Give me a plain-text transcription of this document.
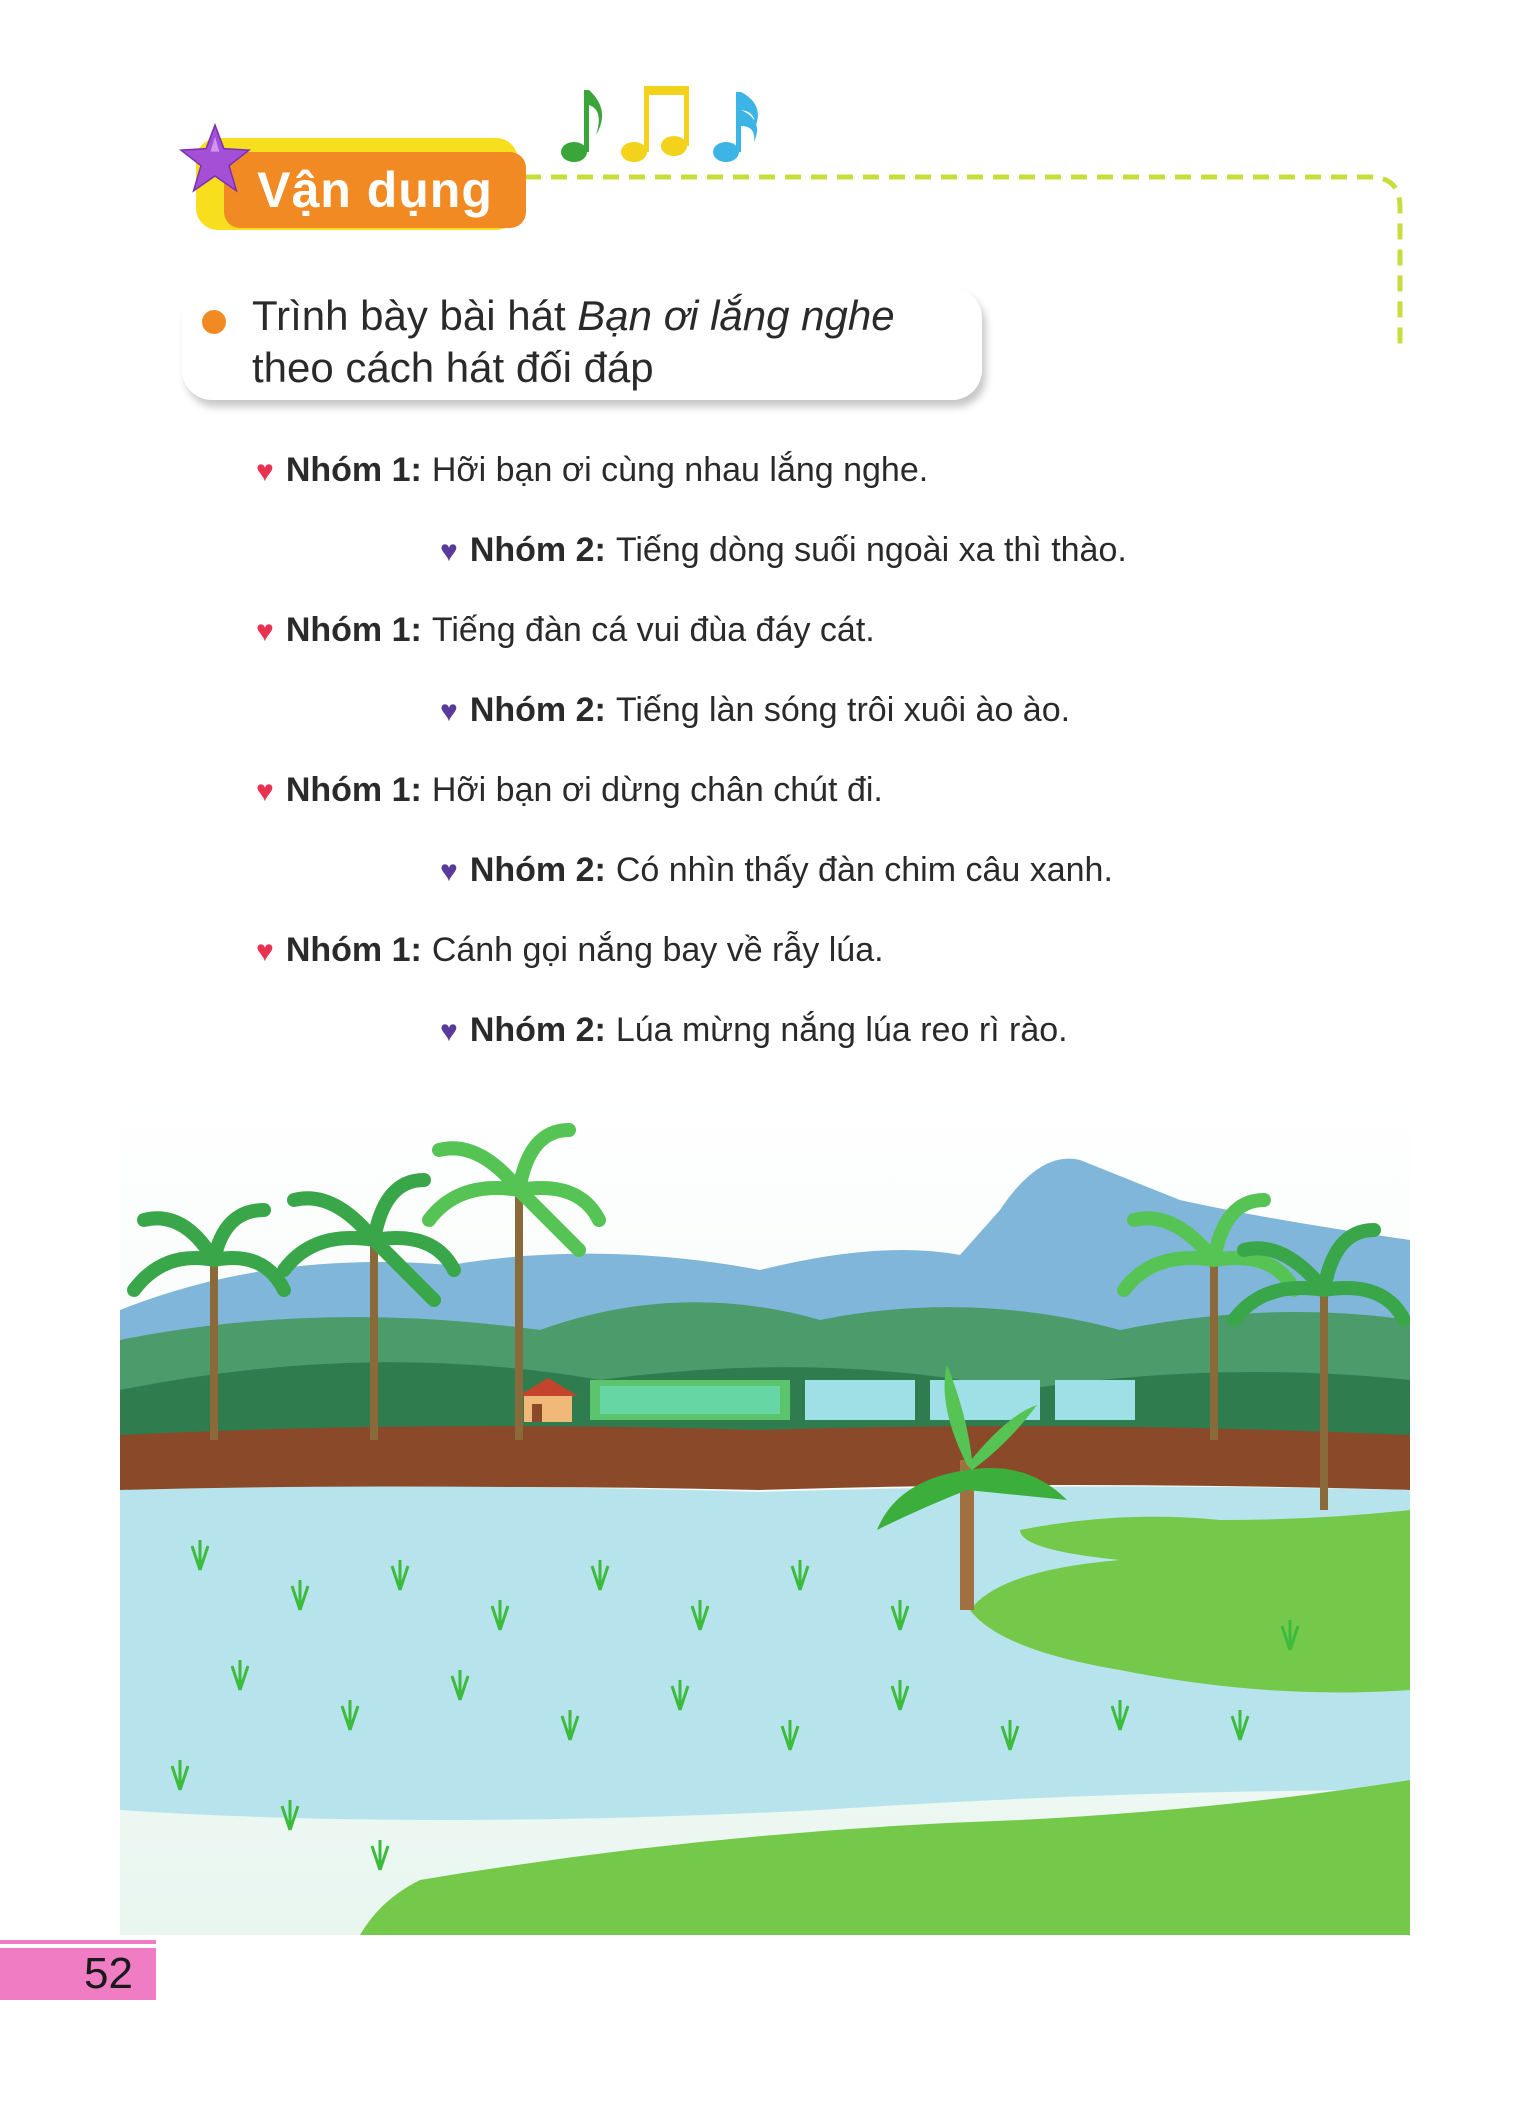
Vận dụng
Trình bày bài hát Bạn ơi lắng nghe
theo cách hát đối đáp
♥ Nhóm 1: Hỡi bạn ơi cùng nhau lắng nghe.
♥ Nhóm 2: Tiếng dòng suối ngoài xa thì thào.
♥ Nhóm 1: Tiếng đàn cá vui đùa đáy cát.
♥ Nhóm 2: Tiếng làn sóng trôi xuôi ào ào.
♥ Nhóm 1: Hỡi bạn ơi dừng chân chút đi.
♥ Nhóm 2: Có nhìn thấy đàn chim câu xanh.
♥ Nhóm 1: Cánh gọi nắng bay về rẫy lúa.
♥ Nhóm 2: Lúa mừng nắng lúa reo rì rào.
52
